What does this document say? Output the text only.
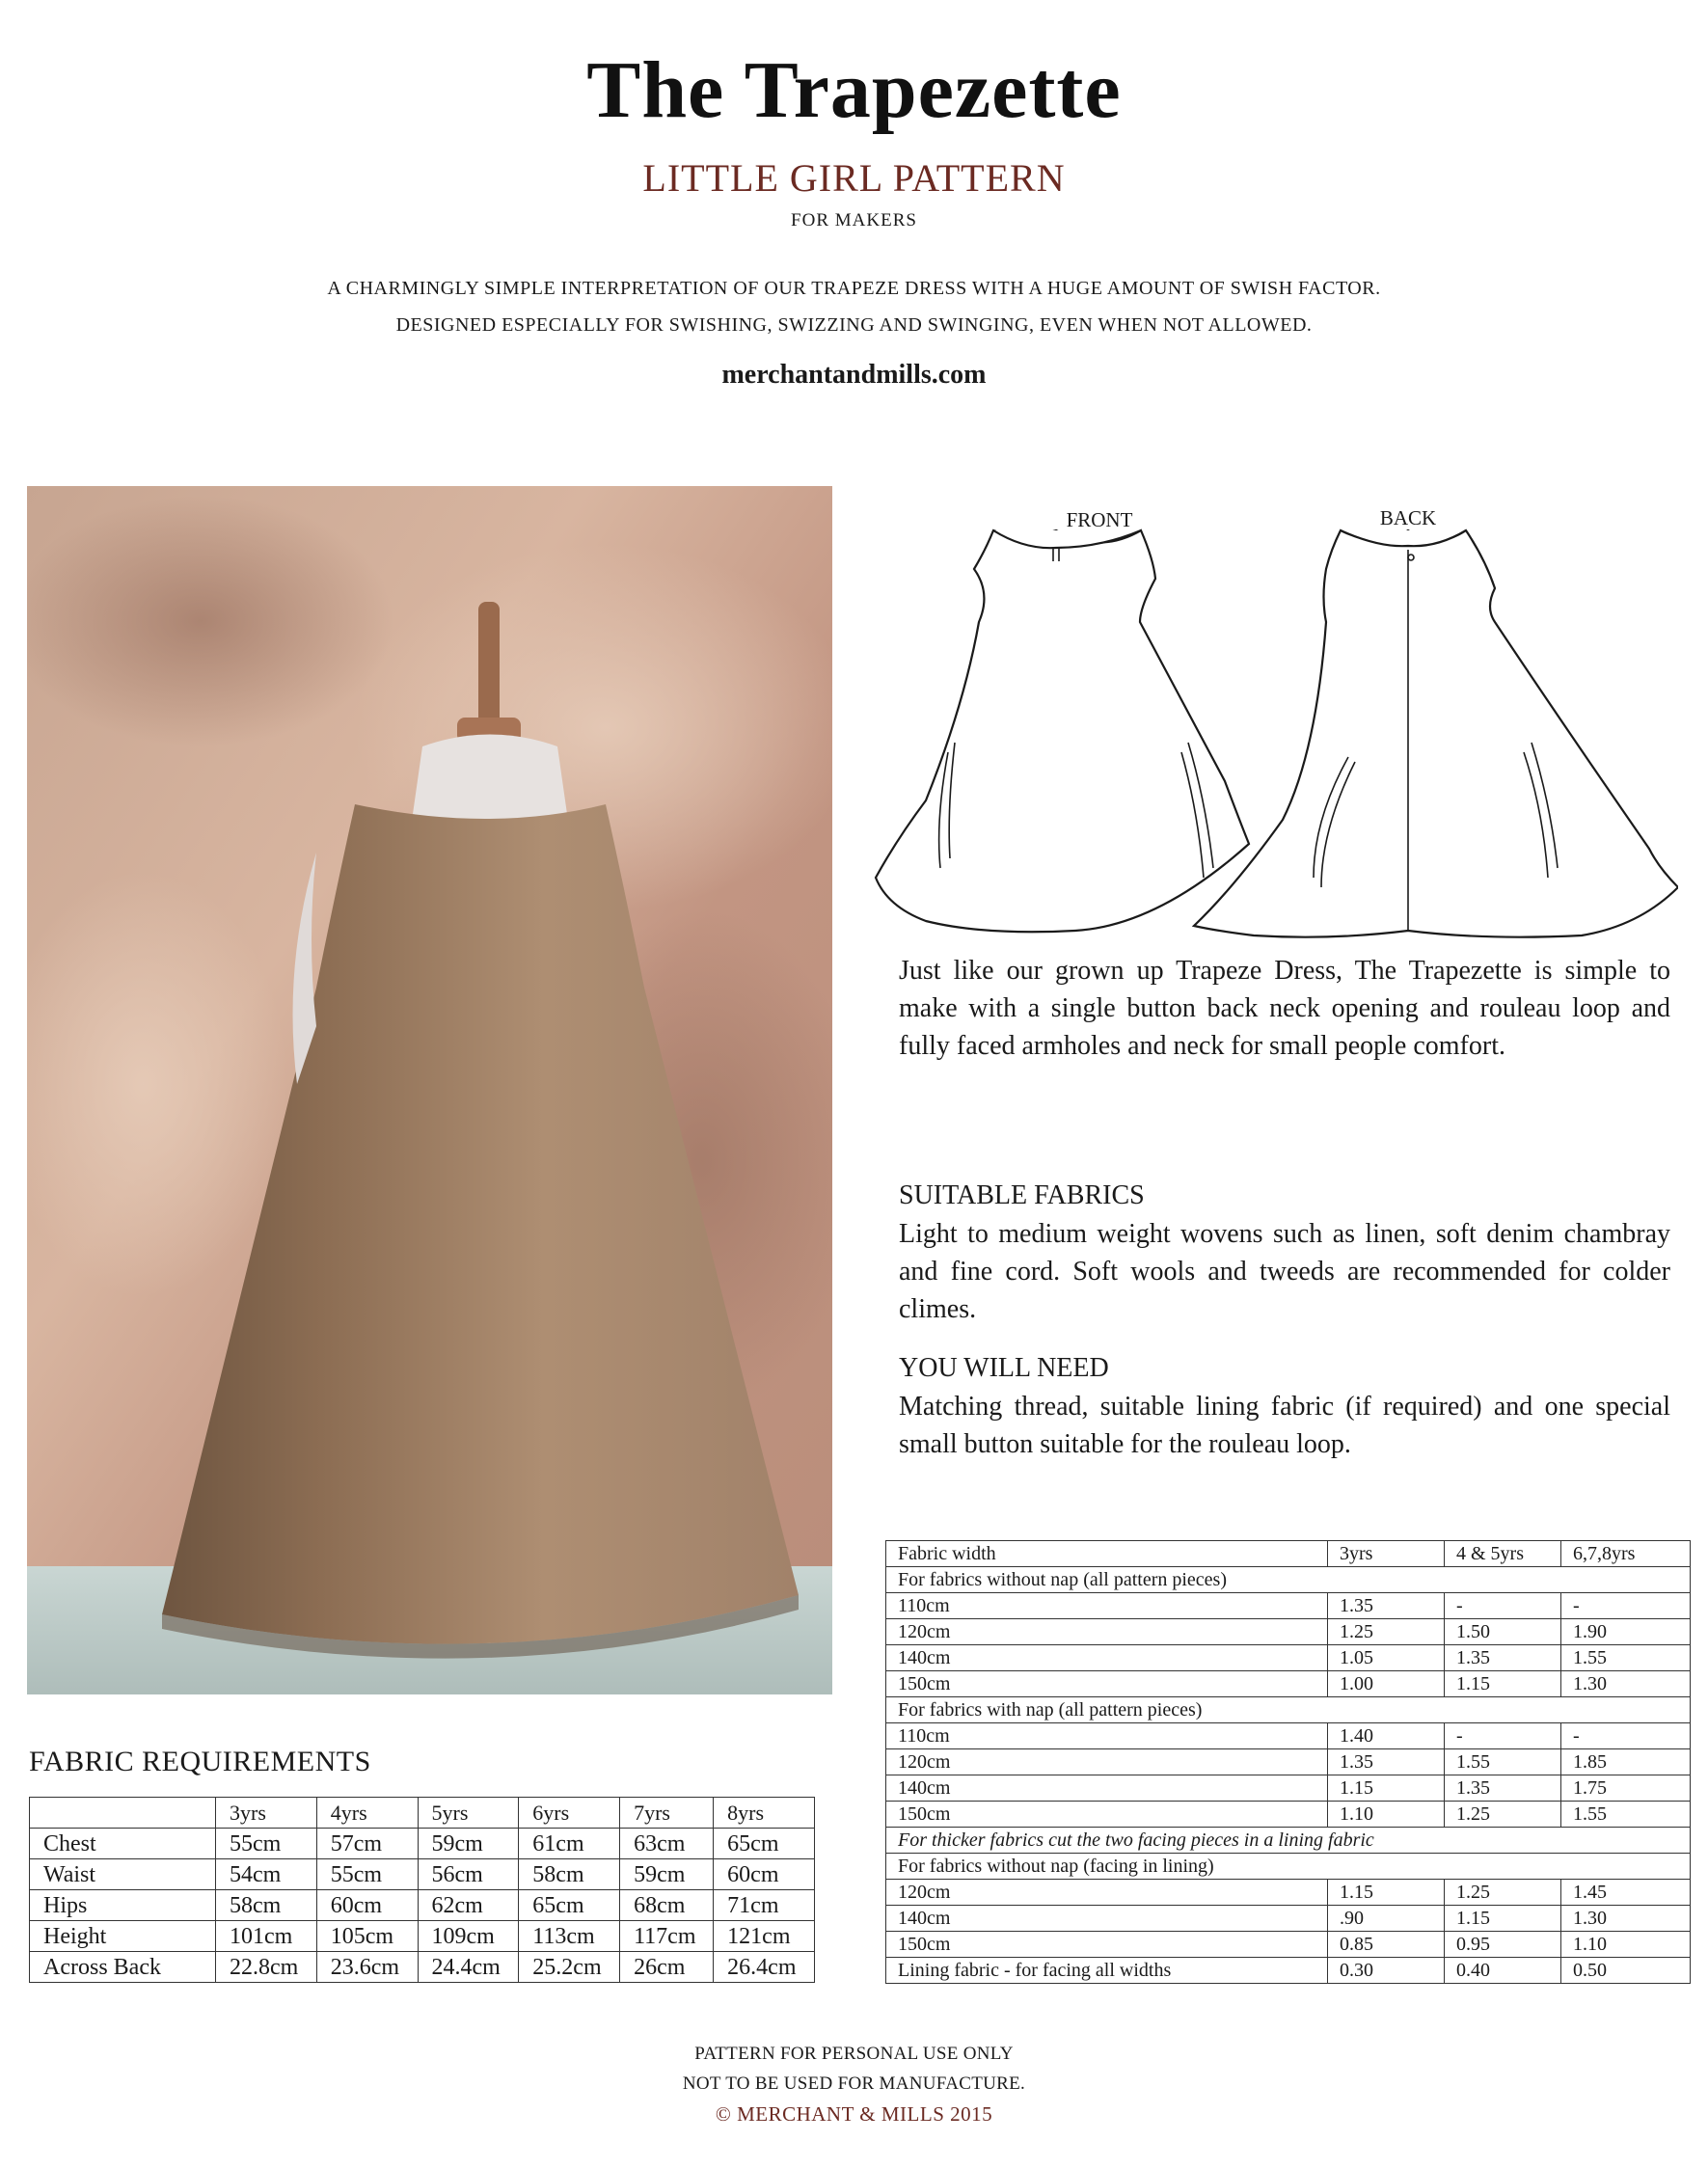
The Trapezette
LITTLE GIRL PATTERN
FOR MAKERS
A CHARMINGLY SIMPLE INTERPRETATION OF OUR TRAPEZE DRESS WITH A HUGE AMOUNT OF SWISH FACTOR.
DESIGNED ESPECIALLY FOR SWISHING, SWIZZING AND SWINGING, EVEN WHEN NOT ALLOWED.
merchantandmills.com
FRONT	BACK
Just like our grown up Trapeze Dress, The Trapezette is simple to make with a single button back neck opening and rouleau loop and fully faced armholes and neck for small people comfort.
SUITABLE FABRICS
Light to medium weight wovens such as linen, soft denim chambray and fine cord. Soft wools and tweeds are recommended for colder climes.
YOU WILL NEED
Matching thread, suitable lining fabric (if required) and one special small button suitable for the rouleau loop.
FABRIC REQUIREMENTS
	3yrs	4yrs	5yrs	6yrs	7yrs	8yrs
Chest	55cm	57cm	59cm	61cm	63cm	65cm
Waist	54cm	55cm	56cm	58cm	59cm	60cm
Hips	58cm	60cm	62cm	65cm	68cm	71cm
Height	101cm	105cm	109cm	113cm	117cm	121cm
Across Back	22.8cm	23.6cm	24.4cm	25.2cm	26cm	26.4cm
Fabric width	3yrs	4 & 5yrs	6,7,8yrs
For fabrics without nap (all pattern pieces)			
110cm	1.35	-	-
120cm	1.25	1.50	1.90
140cm	1.05	1.35	1.55
150cm	1.00	1.15	1.30
For fabrics with nap (all pattern pieces)			
110cm	1.40	-	-
120cm	1.35	1.55	1.85
140cm	1.15	1.35	1.75
150cm	1.10	1.25	1.55
For thicker fabrics cut the two facing pieces in a lining fabric			
For fabrics without nap (facing in lining)			
120cm	1.15	1.25	1.45
140cm	.90	1.15	1.30
150cm	0.85	0.95	1.10
Lining fabric - for facing all widths	0.30	0.40	0.50
PATTERN FOR PERSONAL USE ONLY
NOT TO BE USED FOR MANUFACTURE.
© MERCHANT & MILLS 2015
